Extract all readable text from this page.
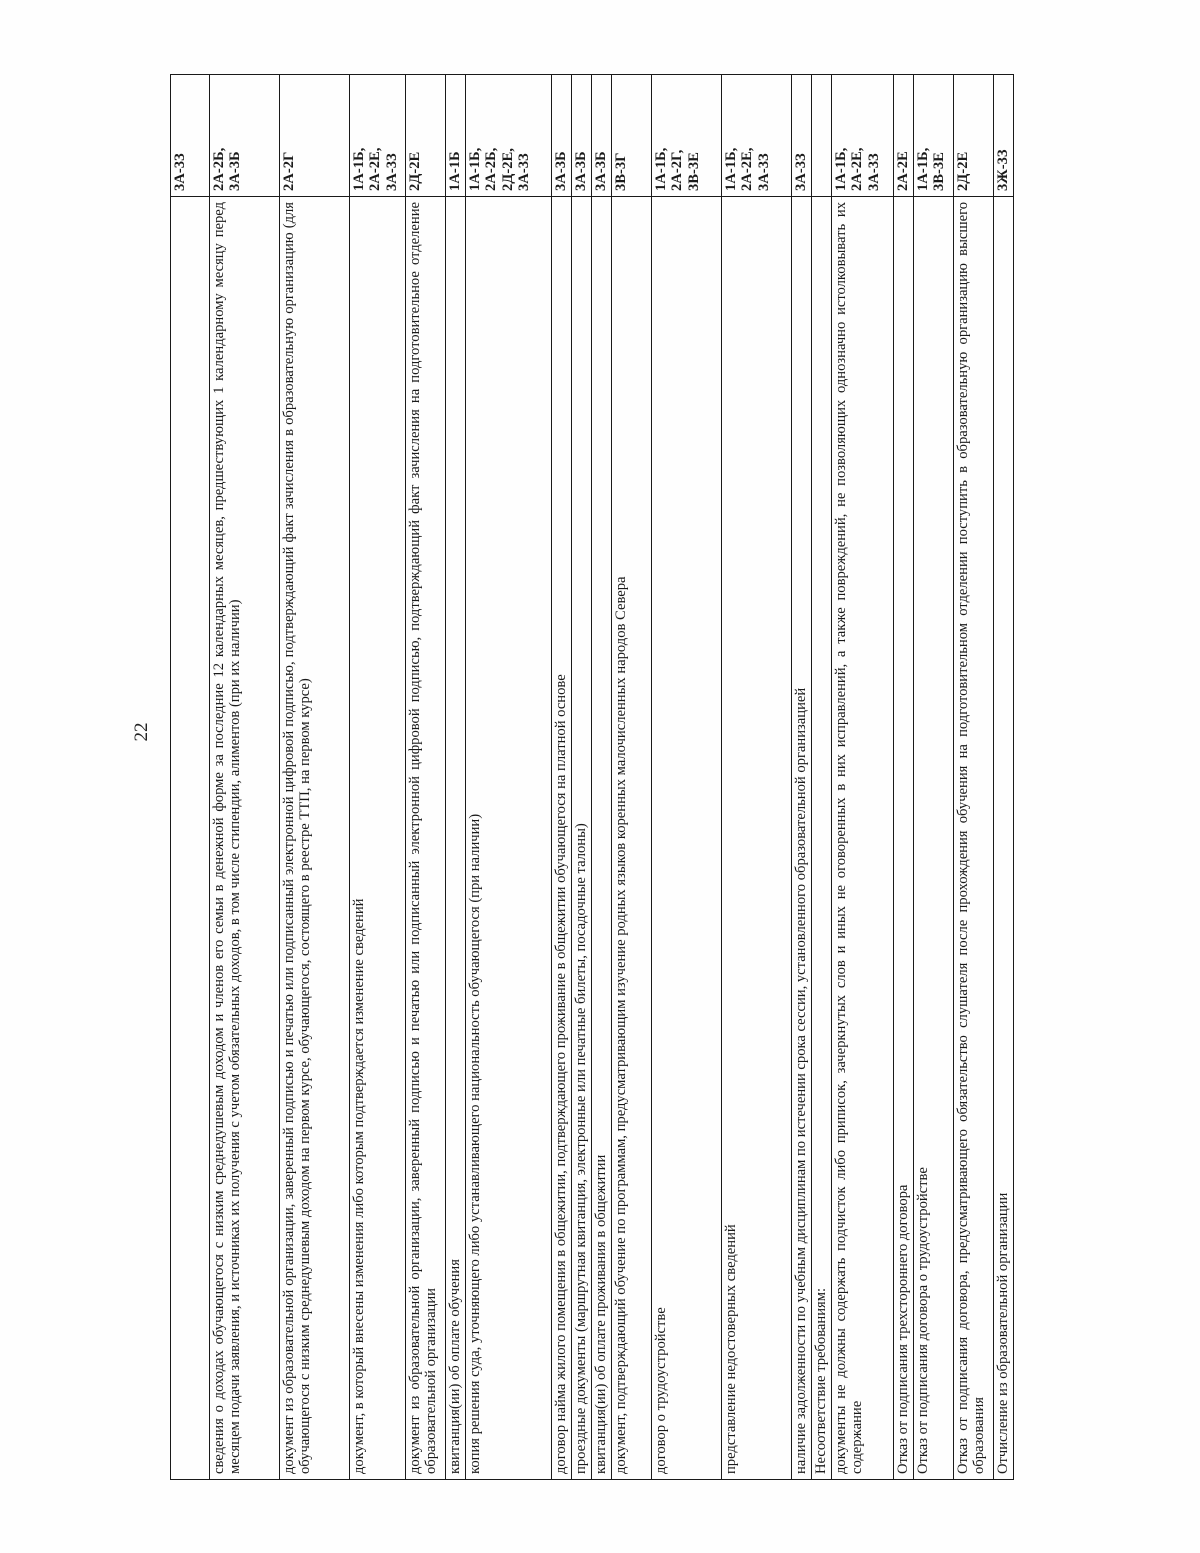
22
	3А-3З
сведения о доходах обучающегося с низким среднедушевым доходом и членов его семьи в денежной форме за последние 12 календарных месяцев, предшествующих 1 календарному месяцу перед месяцем подачи заявления, и источниках их получения с учетом обязательных доходов, в том числе стипендии, алиментов (при их наличии)	2А-2Б,
3А-3Б
документ из образовательной организации, заверенный подписью и печатью или подписанный электронной цифровой подписью, подтверждающий факт зачисления в образовательную организацию (для обучающегося с низким среднедушевым доходом на первом курсе, обучающегося, состоящего в реестре ТТП, на первом курсе)	2А-2Г
документ, в который внесены изменения либо которым подтверждается изменение сведений	1А-1Б,
2А-2Е,
3А-3З
документ из образовательной организации, заверенный подписью и печатью или подписанный электронной цифровой подписью, подтверждающий факт зачисления на подготовительное отделение образовательной организации	2Д-2Е
квитанция(ии) об оплате обучения	1А-1Б
копия решения суда, уточняющего либо устанавливающего национальность обучающегося (при наличии)	1А-1Б,
2А-2Б,
2Д-2Е,
3А-3З
договор найма жилого помещения в общежитии, подтверждающего проживание в общежитии обучающегося на платной основе	3А-3Б
проездные документы (маршрутная квитанция, электронные или печатные билеты, посадочные талоны)	3А-3Б
квитанция(ии) об оплате проживания в общежитии	3А-3Б
документ, подтверждающий обучение по программам, предусматривающим изучение родных языков коренных малочисленных народов Севера	3В-3Г
договор о трудоустройстве	1А-1Б,
2А-2Г,
3В-3Е
представление недостоверных сведений	1А-1Б,
2А-2Е,
3А-3З
наличие задолженности по учебным дисциплинам по истечении срока сессии, установленного образовательной организацией	3А-3З
Несоответствие требованиям:	
документы не должны содержать подчисток либо приписок, зачеркнутых слов и иных не оговоренных в них исправлений, а также повреждений, не позволяющих однозначно истолковывать их содержание	1А-1Б,
2А-2Е,
3А-3З
Отказ от подписания трехстороннего договора	2А-2Е
Отказ от подписания договора о трудоустройстве	1А-1Б,
3В-3Е
Отказ от подписания договора, предусматривающего обязательство слушателя после прохождения обучения на подготовительном отделении поступить в образовательную организацию высшего образования	2Д-2Е
Отчисление из образовательной организации	3Ж-3З
